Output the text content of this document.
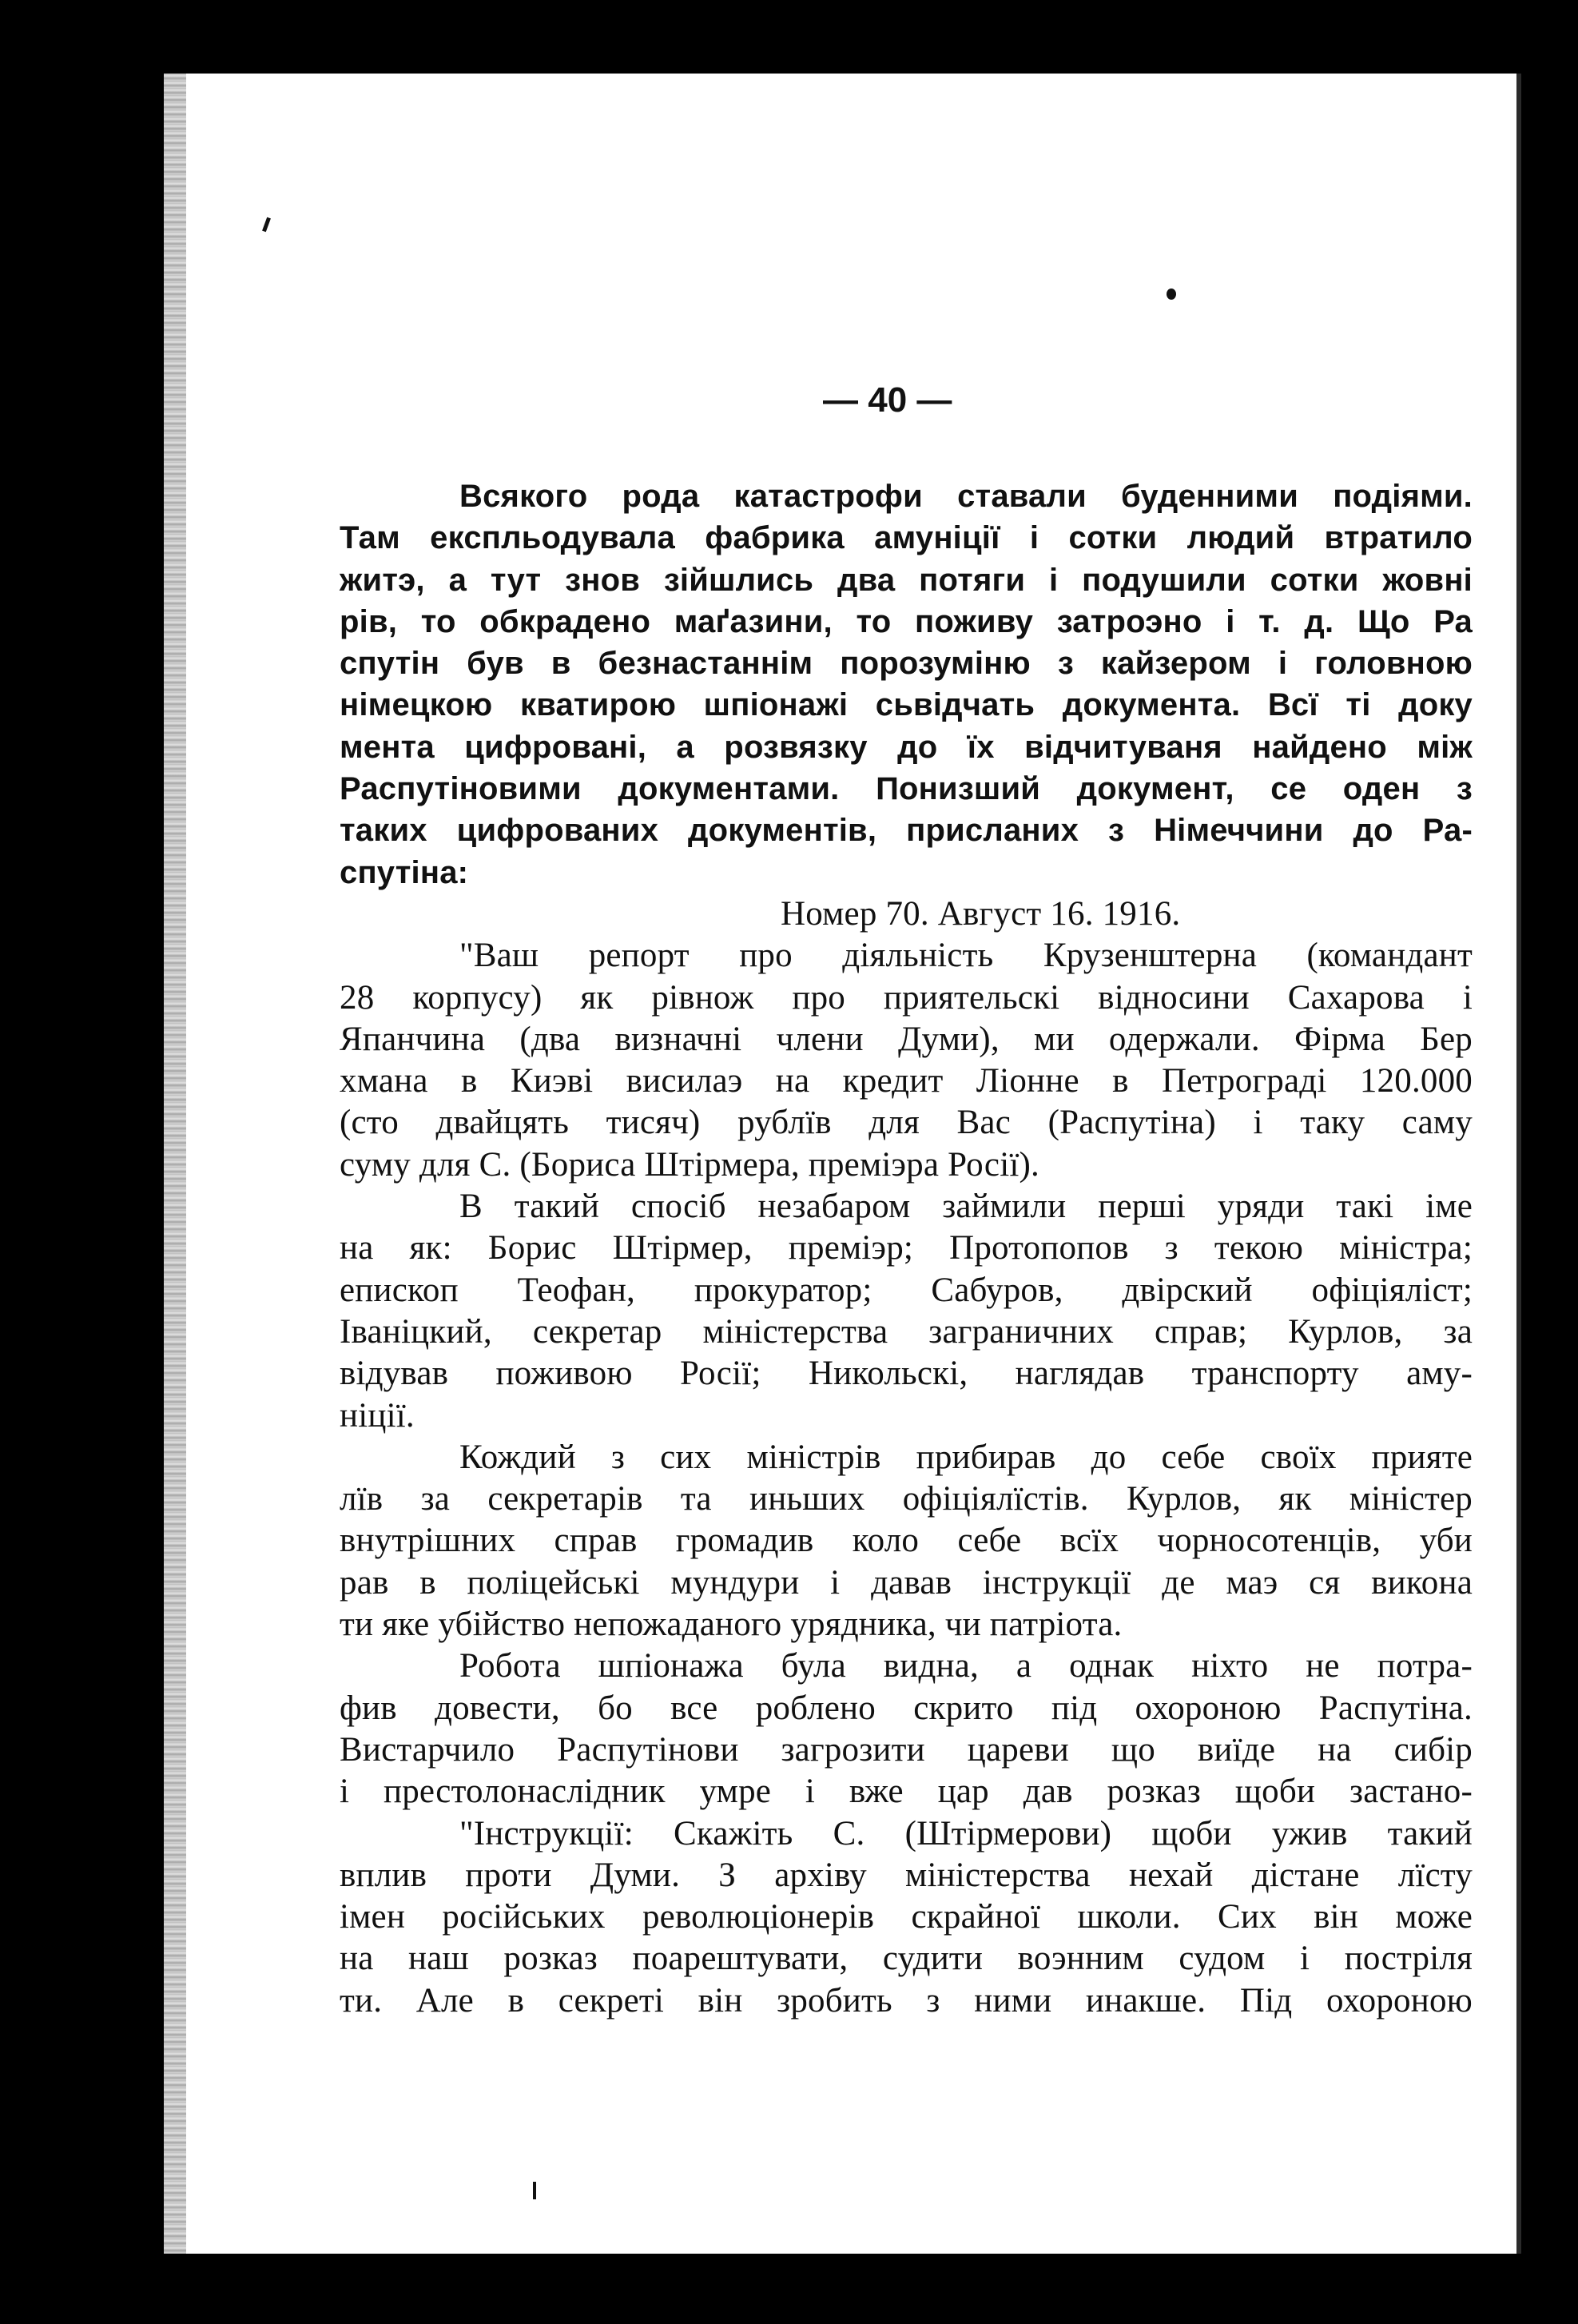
— 40 —
Всякого рода катастрофи ставали буденними подіями.
Там експльодувала фабрика амуніції і сотки людий втратило
житэ, а тут знов зійшлись два потяги і подушили сотки жовні
рів, то обкрадено маґазини, то поживу затроэно і т. д. Що Ра
спутін був в безнастаннім порозуміню з кайзером і головною
німецкою кватирою шпіонажі сьвідчать документа. Всї ті доку
мента цифровані, а розвязку до їх відчитуваня найдено між
Распутіновими документами. Понизший документ, се оден з
таких цифрованих документів, присланих з Німеччини до Ра-
спутіна:
Номер 70. Август 16. 1916.
"Ваш репорт про діяльність Крузенштерна (командант
28 корпусу) як рівнож про приятельскі відносини Сахарова і
Япанчина (два визначні члени Думи), ми одержали. Фірма Бер
хмана в Киэві висилаэ на кредит Ліонне в Петрограді 120.000
(сто двайцять тисяч) рублїв для Вас (Распутіна) і таку саму
суму для С. (Бориса Штірмера, преміэра Росії).
В такий спосіб незабаром займили перші уряди такі іме
на як: Борис Штірмер, преміэр; Протопопов з текою міністра;
епископ Теофан, прокуратор; Сабуров, двірский офіціяліст;
Іваніцкий, секретар міністерства заграничних справ; Курлов, за
відував поживою Росії; Никольскі, наглядав транспорту аму-
ніції.
Кождий з сих міністрів прибирав до себе своїх прияте
лїв за секретарів та иньших офіціялїстів. Курлов, як міністер
внутрішних справ громадив коло себе всїх чорносотенців, уби
рав в поліцейські мундури і давав інструкції де маэ ся викона
ти яке убійство непожаданого урядника, чи патріота.
Робота шпіонажа була видна, а однак ніхто не потра-
фив довести, бо все роблено скрито під охороною Распутіна.
Вистарчило Распутінови загрозити цареви що виїде на сибір
і престолонаслідник умре і вже цар дав розказ щоби застано-
"Інструкції: Скажіть С. (Штірмерови) щоби ужив такий
вплив проти Думи. З архіву міністерства нехай дістане лїсту
імен російських революціонерів скрайної школи. Сих він може
на наш розказ поарештувати, судити воэнним судом і постріля
ти. Але в секреті він зробить з ними инакше. Під охороною
